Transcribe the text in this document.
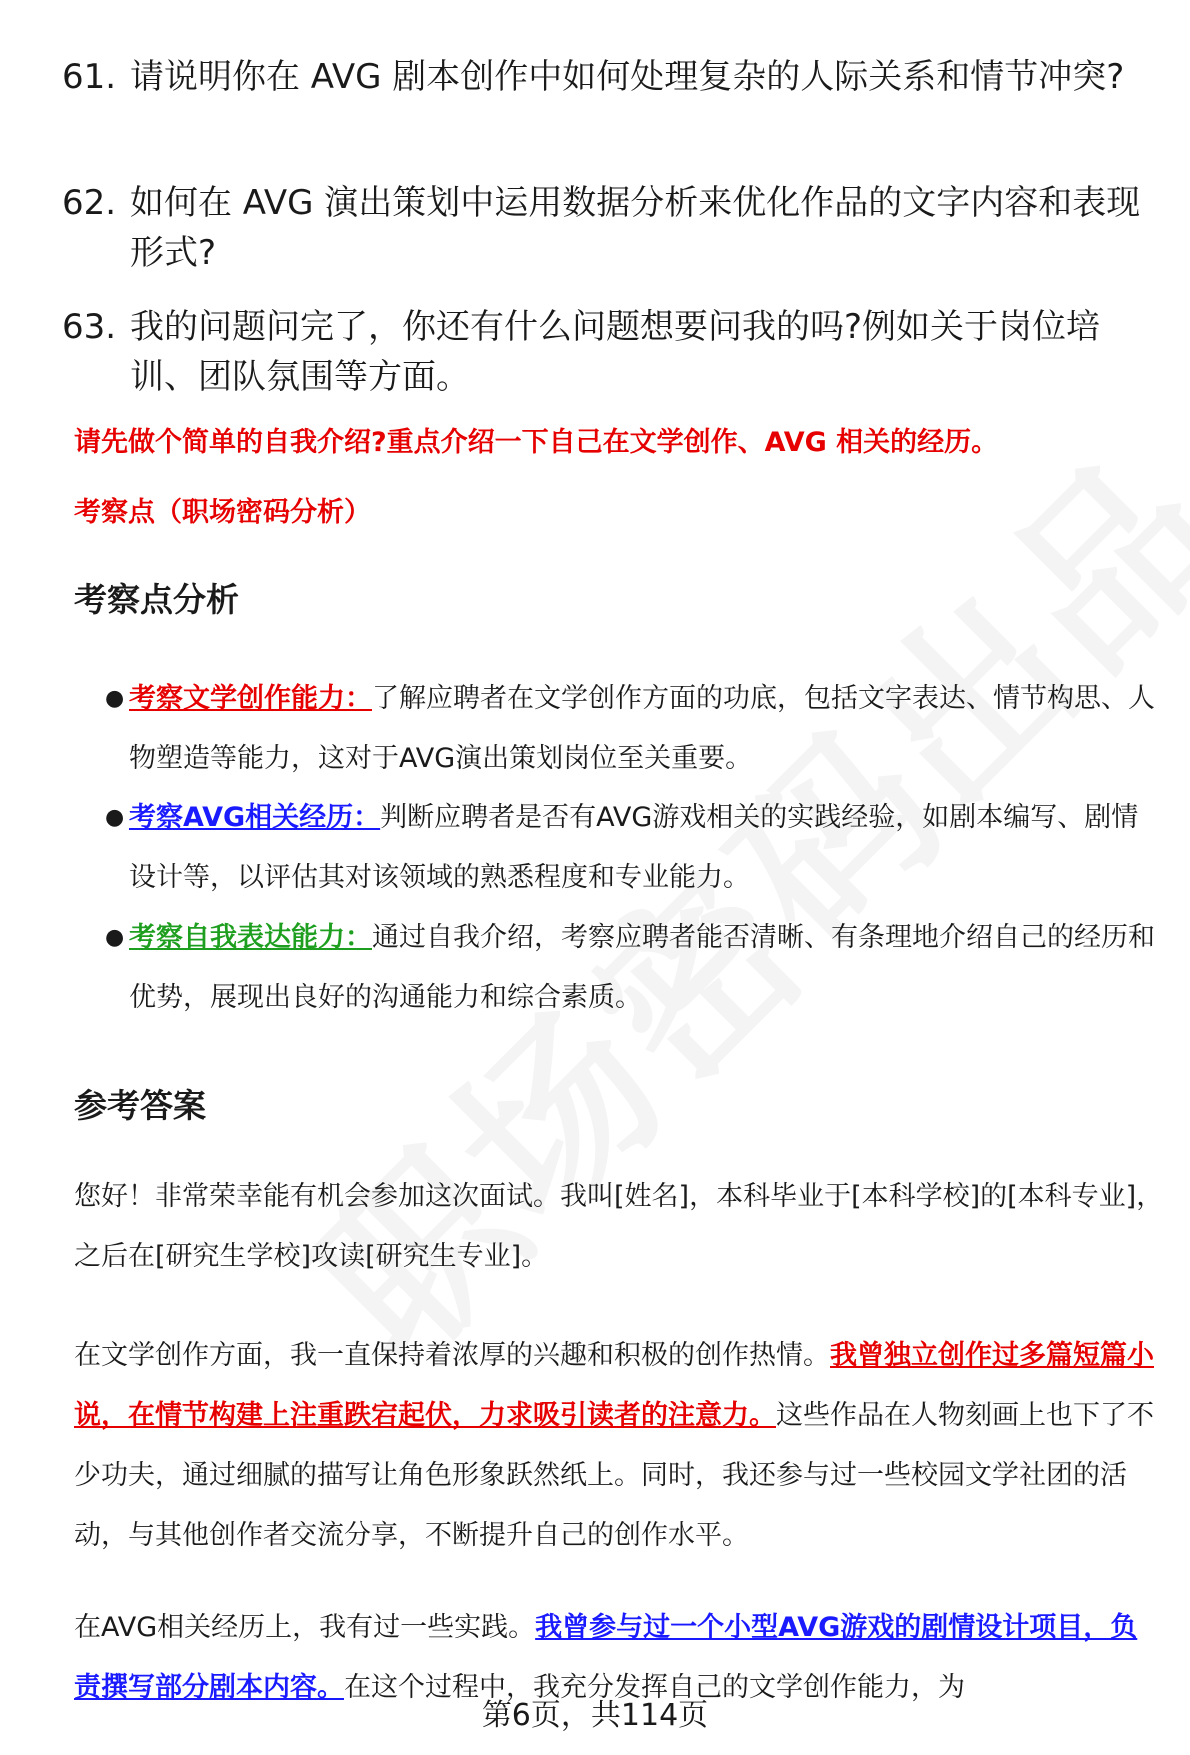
61. 请说明你在 AVG 剧本创作中如何处理复杂的人际关系和情节冲突?
62. 如何在 AVG 演出策划中运用数据分析来优化作品的文字内容和表现形式?
63. 我的问题问完了，你还有什么问题想要问我的吗?例如关于岗位培训、团队氛围等方面。
请先做个简单的自我介绍?重点介绍一下自己在文学创作、AVG 相关的经历。
考察点（职场密码分析）
考察点分析
● 考察文学创作能力：了解应聘者在文学创作方面的功底，包括文字表达、情节构思、人物塑造等能力，这对于AVG演出策划岗位至关重要。
● 考察AVG相关经历：判断应聘者是否有AVG游戏相关的实践经验，如剧本编写、剧情设计等，以评估其对该领域的熟悉程度和专业能力。
● 考察自我表达能力：通过自我介绍，考察应聘者能否清晰、有条理地介绍自己的经历和优势，展现出良好的沟通能力和综合素质。
参考答案
您好！非常荣幸能有机会参加这次面试。我叫[姓名]，本科毕业于[本科学校]的[本科专业]，之后在[研究生学校]攻读[研究生专业]。
在文学创作方面，我一直保持着浓厚的兴趣和积极的创作热情。我曾独立创作过多篇短篇小说，在情节构建上注重跌宕起伏，力求吸引读者的注意力。这些作品在人物刻画上也下了不少功夫，通过细腻的描写让角色形象跃然纸上。同时，我还参与过一些校园文学社团的活动，与其他创作者交流分享，不断提升自己的创作水平。
在AVG相关经历上，我有过一些实践。我曾参与过一个小型AVG游戏的剧情设计项目，负责撰写部分剧本内容。在这个过程中，我充分发挥自己的文学创作能力，为
第6页，共114页
